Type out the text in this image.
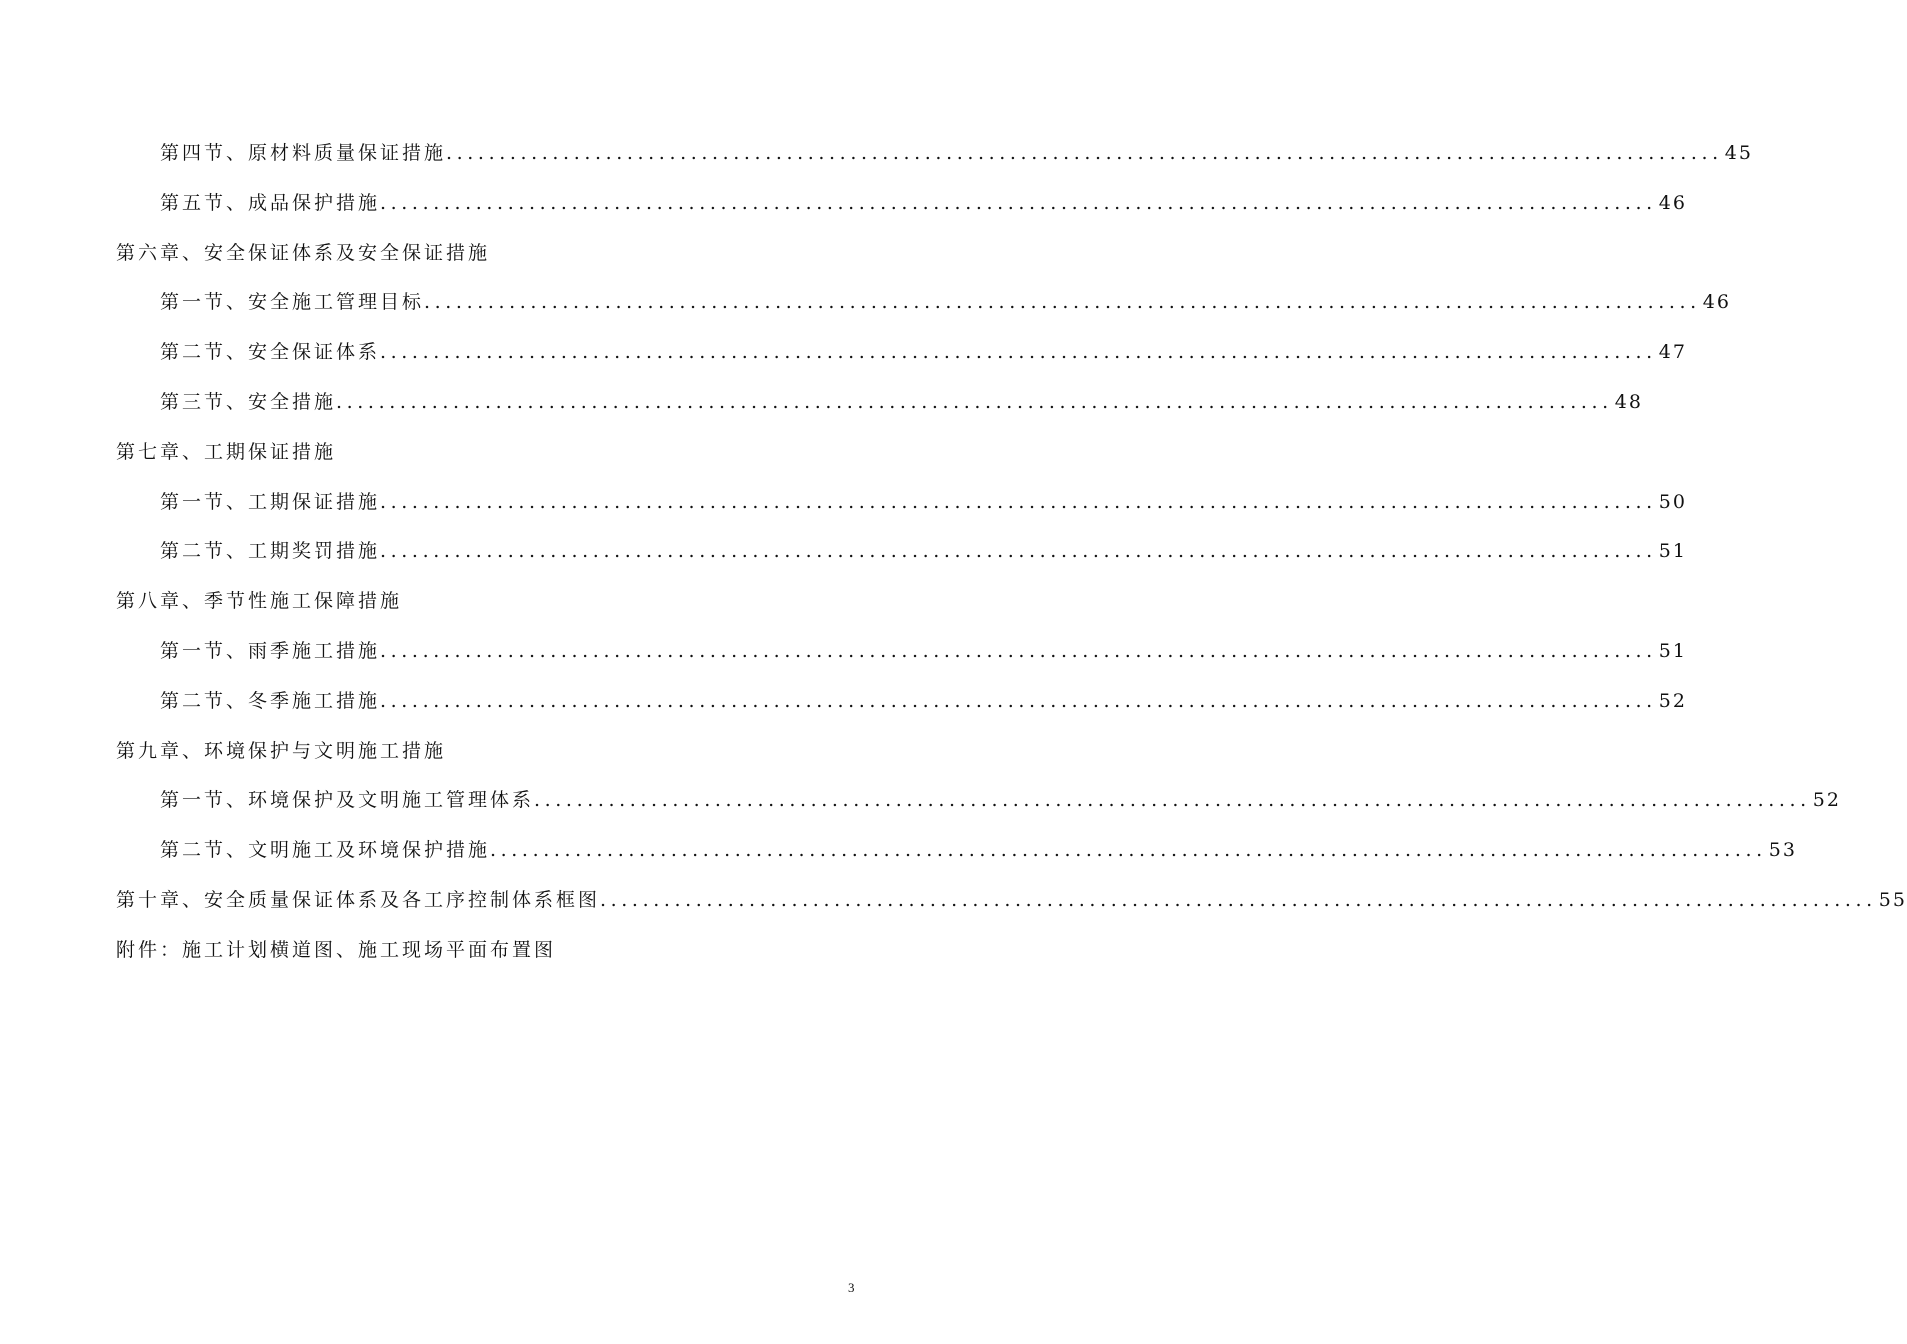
第四节、原材料质量保证措施 ........................................................................................................................ 45
第五节、成品保护措施 ........................................................................................................................ 46
第六章、安全保证体系及安全保证措施
第一节、安全施工管理目标 ........................................................................................................................ 46
第二节、安全保证体系 ........................................................................................................................ 47
第三节、安全措施 ........................................................................................................................ 48
第七章、工期保证措施
第一节、工期保证措施 ........................................................................................................................ 50
第二节、工期奖罚措施 ........................................................................................................................ 51
第八章、季节性施工保障措施
第一节、雨季施工措施 ........................................................................................................................ 51
第二节、冬季施工措施 ........................................................................................................................ 52
第九章、环境保护与文明施工措施
第一节、环境保护及文明施工管理体系 ........................................................................................................................ 52
第二节、文明施工及环境保护措施 ........................................................................................................................ 53
第十章、安全质量保证体系及各工序控制体系框图 ........................................................................................................................ 55
附件：施工计划横道图、施工现场平面布置图
3
